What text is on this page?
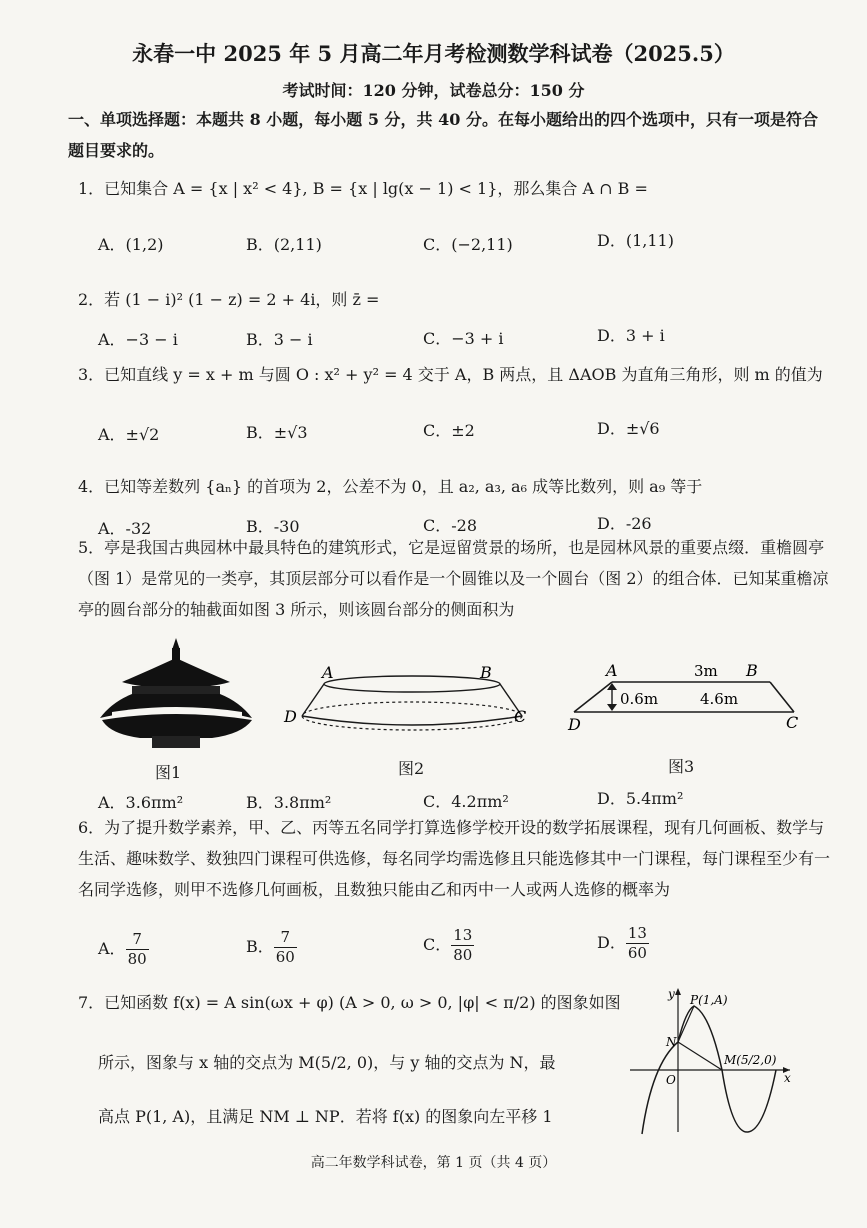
永春一中 2025 年 5 月高二年月考检测数学科试卷（2025.5）
考试时间：120 分钟，试卷总分：150 分
一、单项选择题：本题共 8 小题，每小题 5 分，共 40 分。在每小题给出的四个选项中，只有一项是符合题目要求的。
1．已知集合 A = {x | x² < 4}, B = {x | lg(x − 1) < 1}，那么集合 A ∩ B =
A．(1,2)	B．(2,11)	C．(−2,11)	D．(1,11)
2．若 (1 − i)² (1 − z) = 2 + 4i，则 z̄ =
A．−3 − i	B．3 − i	C．−3 + i	D．3 + i
3．已知直线 y = x + m 与圆 O : x² + y² = 4 交于 A，B 两点，且 ΔAOB 为直角三角形，则 m 的值为
A．±√2	B．±√3	C．±2	D．±√6
4．已知等差数列 {aₙ} 的首项为 2，公差不为 0，且 a₂, a₃, a₆ 成等比数列，则 a₉ 等于
A．-32	B．-30	C．-28	D．-26
5．亭是我国古典园林中最具特色的建筑形式，它是逗留赏景的场所，也是园林风景的重要点缀．重檐圆亭（图 1）是常见的一类亭，其顶层部分可以看作是一个圆锥以及一个圆台（图 2）的组合体．已知某重檐凉亭的圆台部分的轴截面如图 3 所示，则该圆台部分的侧面积为
图1
A	B
C
D
图2
A	B
C
D
3m
0.6m	4.6m
图3
A．3.6πm²	B．3.8πm²	C．4.2πm²	D．5.4πm²
6．为了提升数学素养，甲、乙、丙等五名同学打算选修学校开设的数学拓展课程，现有几何画板、数学与生活、趣味数学、数独四门课程可供选修，每名同学均需选修且只能选修其中一门课程，每门课程至少有一名同学选修，则甲不选修几何画板，且数独只能由乙和丙中一人或两人选修的概率为
A． $\frac{7}{80}$	B． $\frac{7}{60}$	C． $\frac{13}{80}$	D． $\frac{13}{60}$
7．已知函数 f(x) = A sin(ωx + φ) (A > 0, ω > 0, |φ| < π/2) 的图象如图
所示，图象与 x 轴的交点为 M(5/2, 0)，与 y 轴的交点为 N，最
高点 P(1, A)，且满足 NM ⊥ NP．若将 f(x) 的图象向左平移 1
y
x
O
N
P(1,A)
M(5/2,0)
高二年数学科试卷，第 1 页（共 4 页）
